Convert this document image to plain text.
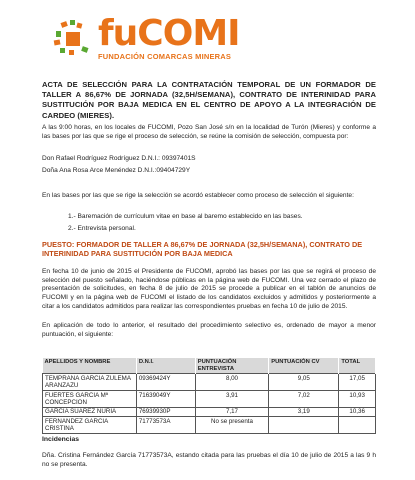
fuCOMI
FUNDACIÓN COMARCAS MINERAS
ACTA DE SELECCIÓN PARA LA CONTRATACIÓN TEMPORAL DE UN FORMADOR DE TALLER A 86,67% DE JORNADA (32,5H/SEMANA), CONTRATO DE INTERINIDAD PARA SUSTITUCIÓN POR BAJA MEDICA EN EL CENTRO DE APOYO A LA INTEGRACIÓN DE CARDEO (MIERES).
A las 9:00 horas, en los locales de FUCOMI, Pozo San José s/n en la localidad de Turón (Mieres) y conforme a las bases por las que se rige el proceso de selección, se reúne la comisión de selección, compuesta por:
Don Rafael Rodríguez Rodríguez D.N.I.: 09397401S
Doña Ana Rosa Arce Menéndez D.N.I.:09404729Y
En las bases por las que se rige la selección se acordó establecer como proceso de selección el siguiente:
1.- Baremación de currículum vitae en base al baremo establecido en las bases.
2.- Entrevista personal.
PUESTO: FORMADOR DE TALLER A 86,67% DE JORNADA (32,5H/SEMANA), CONTRATO DE INTERINIDAD PARA SUSTITUCIÓN POR BAJA MEDICA
En fecha 10 de junio de 2015 el Presidente de FUCOMI, aprobó las bases por las que se regirá el proceso de selección del puesto señalado, haciéndose públicas en la página web de FUCOMI. Una vez cerrado el plazo de presentación de solicitudes, en fecha 8 de julio de 2015 se procede a publicar en el tablón de anuncios de FUCOMI y en la página web de FUCOMI el listado de los candidatos excluidos y admitidos y posteriormente a citar a los candidatos admitidos para realizar las correspondientes pruebas en fecha 10 de julio de 2015.
En aplicación de todo lo anterior, el resultado del procedimiento selectivo es, ordenado de mayor a menor puntuación, el siguiente:
APELLIDOS Y NOMBRE	D.N.I.	PUNTUACIÓN ENTREVISTA	PUNTUACIÓN CV	TOTAL
TEMPRANA GARCIA ZULEMA ARANZAZU	09369424Y	8,00	9,05	17,05
FUERTES GARCIA Mª CONCEPCION	71639049Y	3,91	7,02	10,93
GARCIA SUAREZ NURIA	76939930P	7,17	3,19	10,36
FERNANDEZ GARCIA CRISTINA	71773573A	No se presenta		
Incidencias
Dña. Cristina Fernández García 71773573A, estando citada para las pruebas el día 10 de julio de 2015 a las 9 h no se presenta.
